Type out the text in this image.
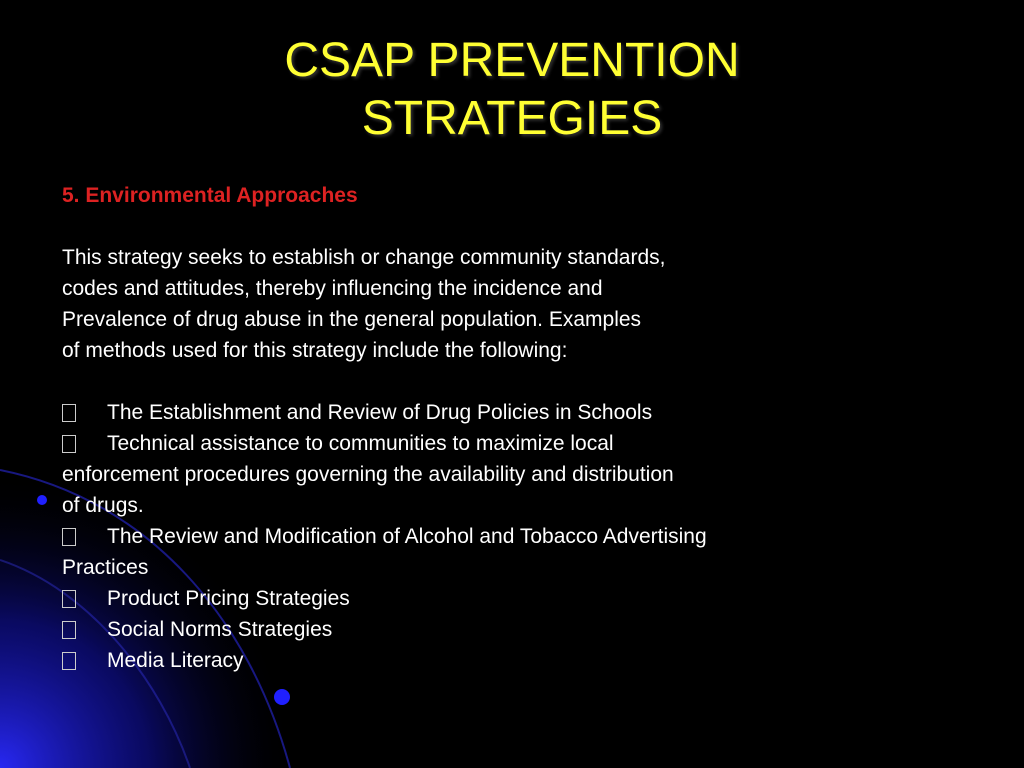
CSAP PREVENTION
STRATEGIES
5. Environmental Approaches
This strategy seeks to establish or change community standards,
codes and attitudes, thereby influencing the incidence and
Prevalence of drug abuse in the general population. Examples
of methods used for this strategy include the following:
The Establishment and Review of Drug Policies in Schools
Technical assistance to communities to maximize local
enforcement procedures governing the availability and distribution
of drugs.
The Review and Modification of Alcohol and Tobacco Advertising
Practices
Product Pricing Strategies
Social Norms Strategies
Media Literacy
